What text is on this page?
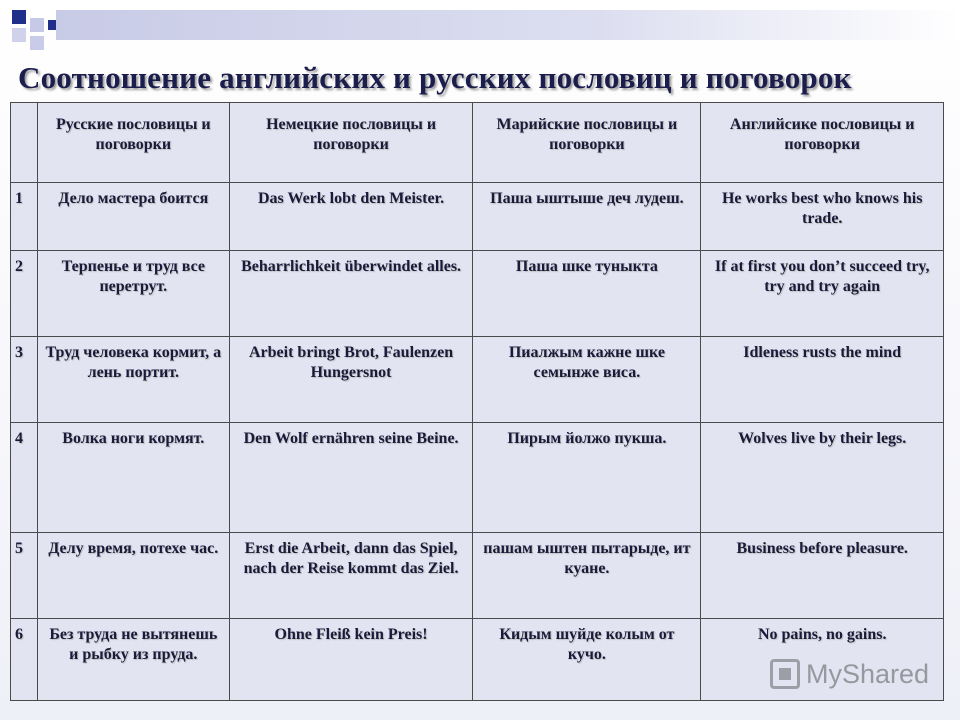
Соотношение английских и русских пословиц и поговорок
	Русские пословицы и поговорки	Немецкие пословицы и поговорки	Марийские пословицы и поговорки	Английсике пословицы и поговорки
1	Дело мастера боится	Das Werk lobt den Meister.	Паша ыштыше деч лудеш.	He works best who knows his trade.
2	Терпенье и труд все перетрут.	Beharrlichkeit überwindet alles.	Паша шке туныкта	If at first you don’t succeed try, try and try again
3	Труд человека кормит, а лень портит.	Arbeit bringt Brot, Faulenzen Hungersnot	Пиалжым кажне шке семынже виса.	Idleness rusts the mind
4	Волка ноги кормят.	Den Wolf ernähren seine Beine.	Пирым йолжо пукша.	Wolves live by their legs.
5	Делу время, потехе час.	Erst die Arbeit, dann das Spiel, nach der Reise kommt das Ziel.	пашам ыштен пытарыде, ит куане.	Business before pleasure.
6	Без труда не вытянешь и рыбку из пруда.	Ohne Fleiß kein Preis!	Кидым шуйде колым от кучо.	No pains, no gains.
MyShared
